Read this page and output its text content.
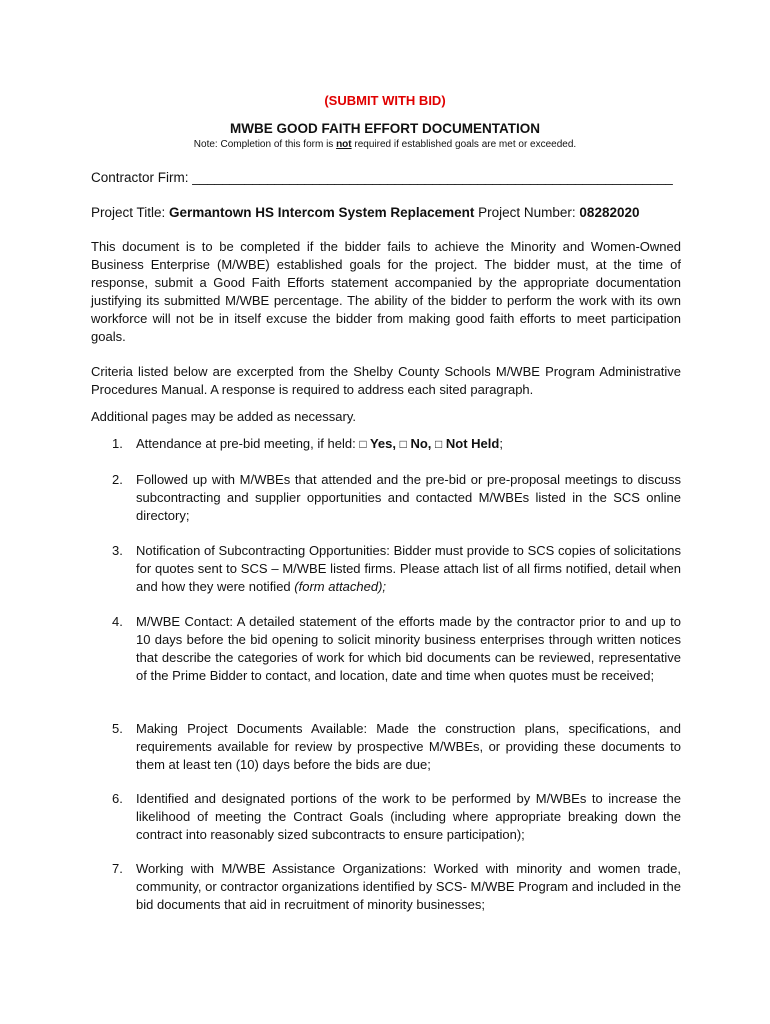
(SUBMIT WITH BID)
MWBE GOOD FAITH EFFORT DOCUMENTATION
Note: Completion of this form is not required if established goals are met or exceeded.
Contractor Firm: ________________________________________________________________
Project Title: Germantown HS Intercom System Replacement Project Number: 08282020
This document is to be completed if the bidder fails to achieve the Minority and Women-Owned Business Enterprise (M/WBE) established goals for the project. The bidder must, at the time of response, submit a Good Faith Efforts statement accompanied by the appropriate documentation justifying its submitted M/WBE percentage. The ability of the bidder to perform the work with its own workforce will not be in itself excuse the bidder from making good faith efforts to meet participation goals.
Criteria listed below are excerpted from the Shelby County Schools M/WBE Program Administrative Procedures Manual. A response is required to address each sited paragraph.
Additional pages may be added as necessary.
1.	Attendance at pre-bid meeting, if held: □ Yes, □ No, □ Not Held;
2.	Followed up with M/WBEs that attended and the pre-bid or pre-proposal meetings to discuss subcontracting and supplier opportunities and contacted M/WBEs listed in the SCS online directory;
3.	Notification of Subcontracting Opportunities: Bidder must provide to SCS copies of solicitations for quotes sent to SCS – M/WBE listed firms. Please attach list of all firms notified, detail when and how they were notified (form attached);
4.	M/WBE Contact: A detailed statement of the efforts made by the contractor prior to and up to 10 days before the bid opening to solicit minority business enterprises through written notices that describe the categories of work for which bid documents can be reviewed, representative of the Prime Bidder to contact, and location, date and time when quotes must be received;
5.	Making Project Documents Available: Made the construction plans, specifications, and requirements available for review by prospective M/WBEs, or providing these documents to them at least ten (10) days before the bids are due;
6.	Identified and designated portions of the work to be performed by M/WBEs to increase the likelihood of meeting the Contract Goals (including where appropriate breaking down the contract into reasonably sized subcontracts to ensure participation);
7.	Working with M/WBE Assistance Organizations: Worked with minority and women trade, community, or contractor organizations identified by SCS- M/WBE Program and included in the bid documents that aid in recruitment of minority businesses;
